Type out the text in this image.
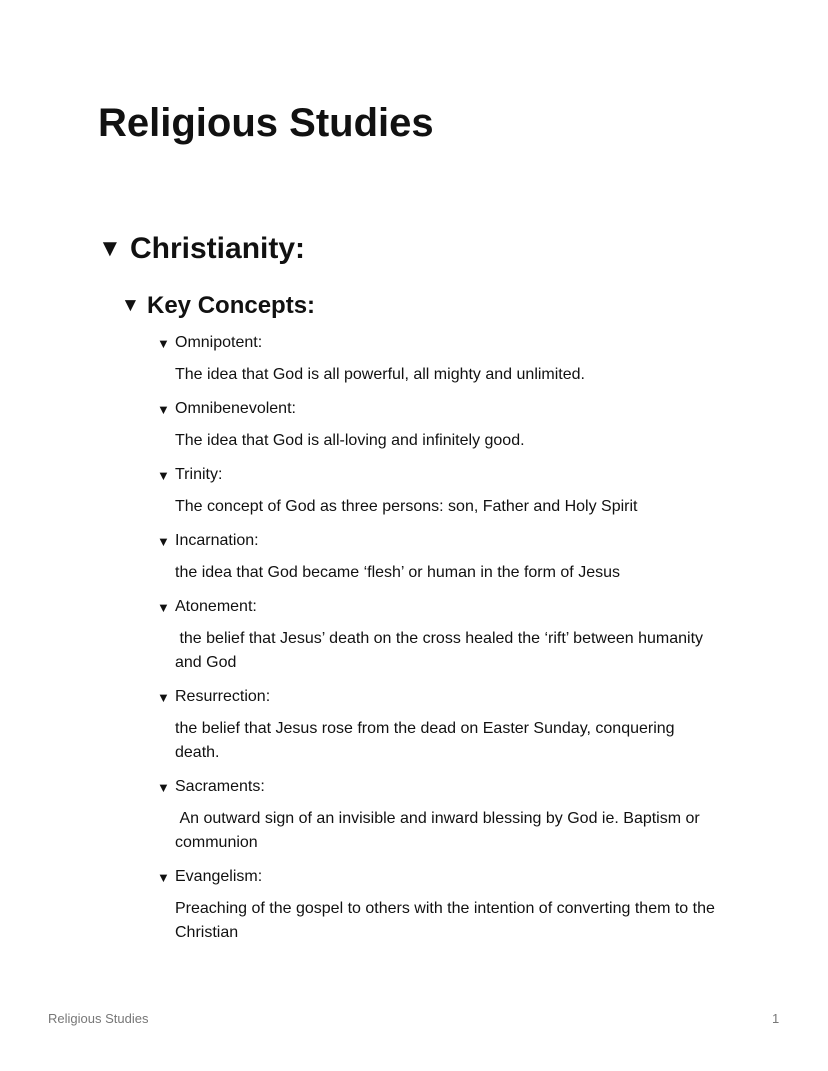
Religious Studies
▼ Christianity:
▼ Key Concepts:
▼ Omnipotent:
The idea that God is all powerful, all mighty and unlimited.
▼ Omnibenevolent:
The idea that God is all-loving and infinitely good.
▼ Trinity:
The concept of God as three persons: son, Father and Holy Spirit
▼ Incarnation:
the idea that God became ‘flesh’ or human in the form of Jesus
▼ Atonement:
the belief that Jesus’ death on the cross healed the ‘rift’ between humanity and God
▼ Resurrection:
the belief that Jesus rose from the dead on Easter Sunday, conquering death.
▼ Sacraments:
An outward sign of an invisible and inward blessing by God ie. Baptism or communion
▼ Evangelism:
Preaching of the gospel to others with the intention of converting them to the Christian
Religious Studies	1
